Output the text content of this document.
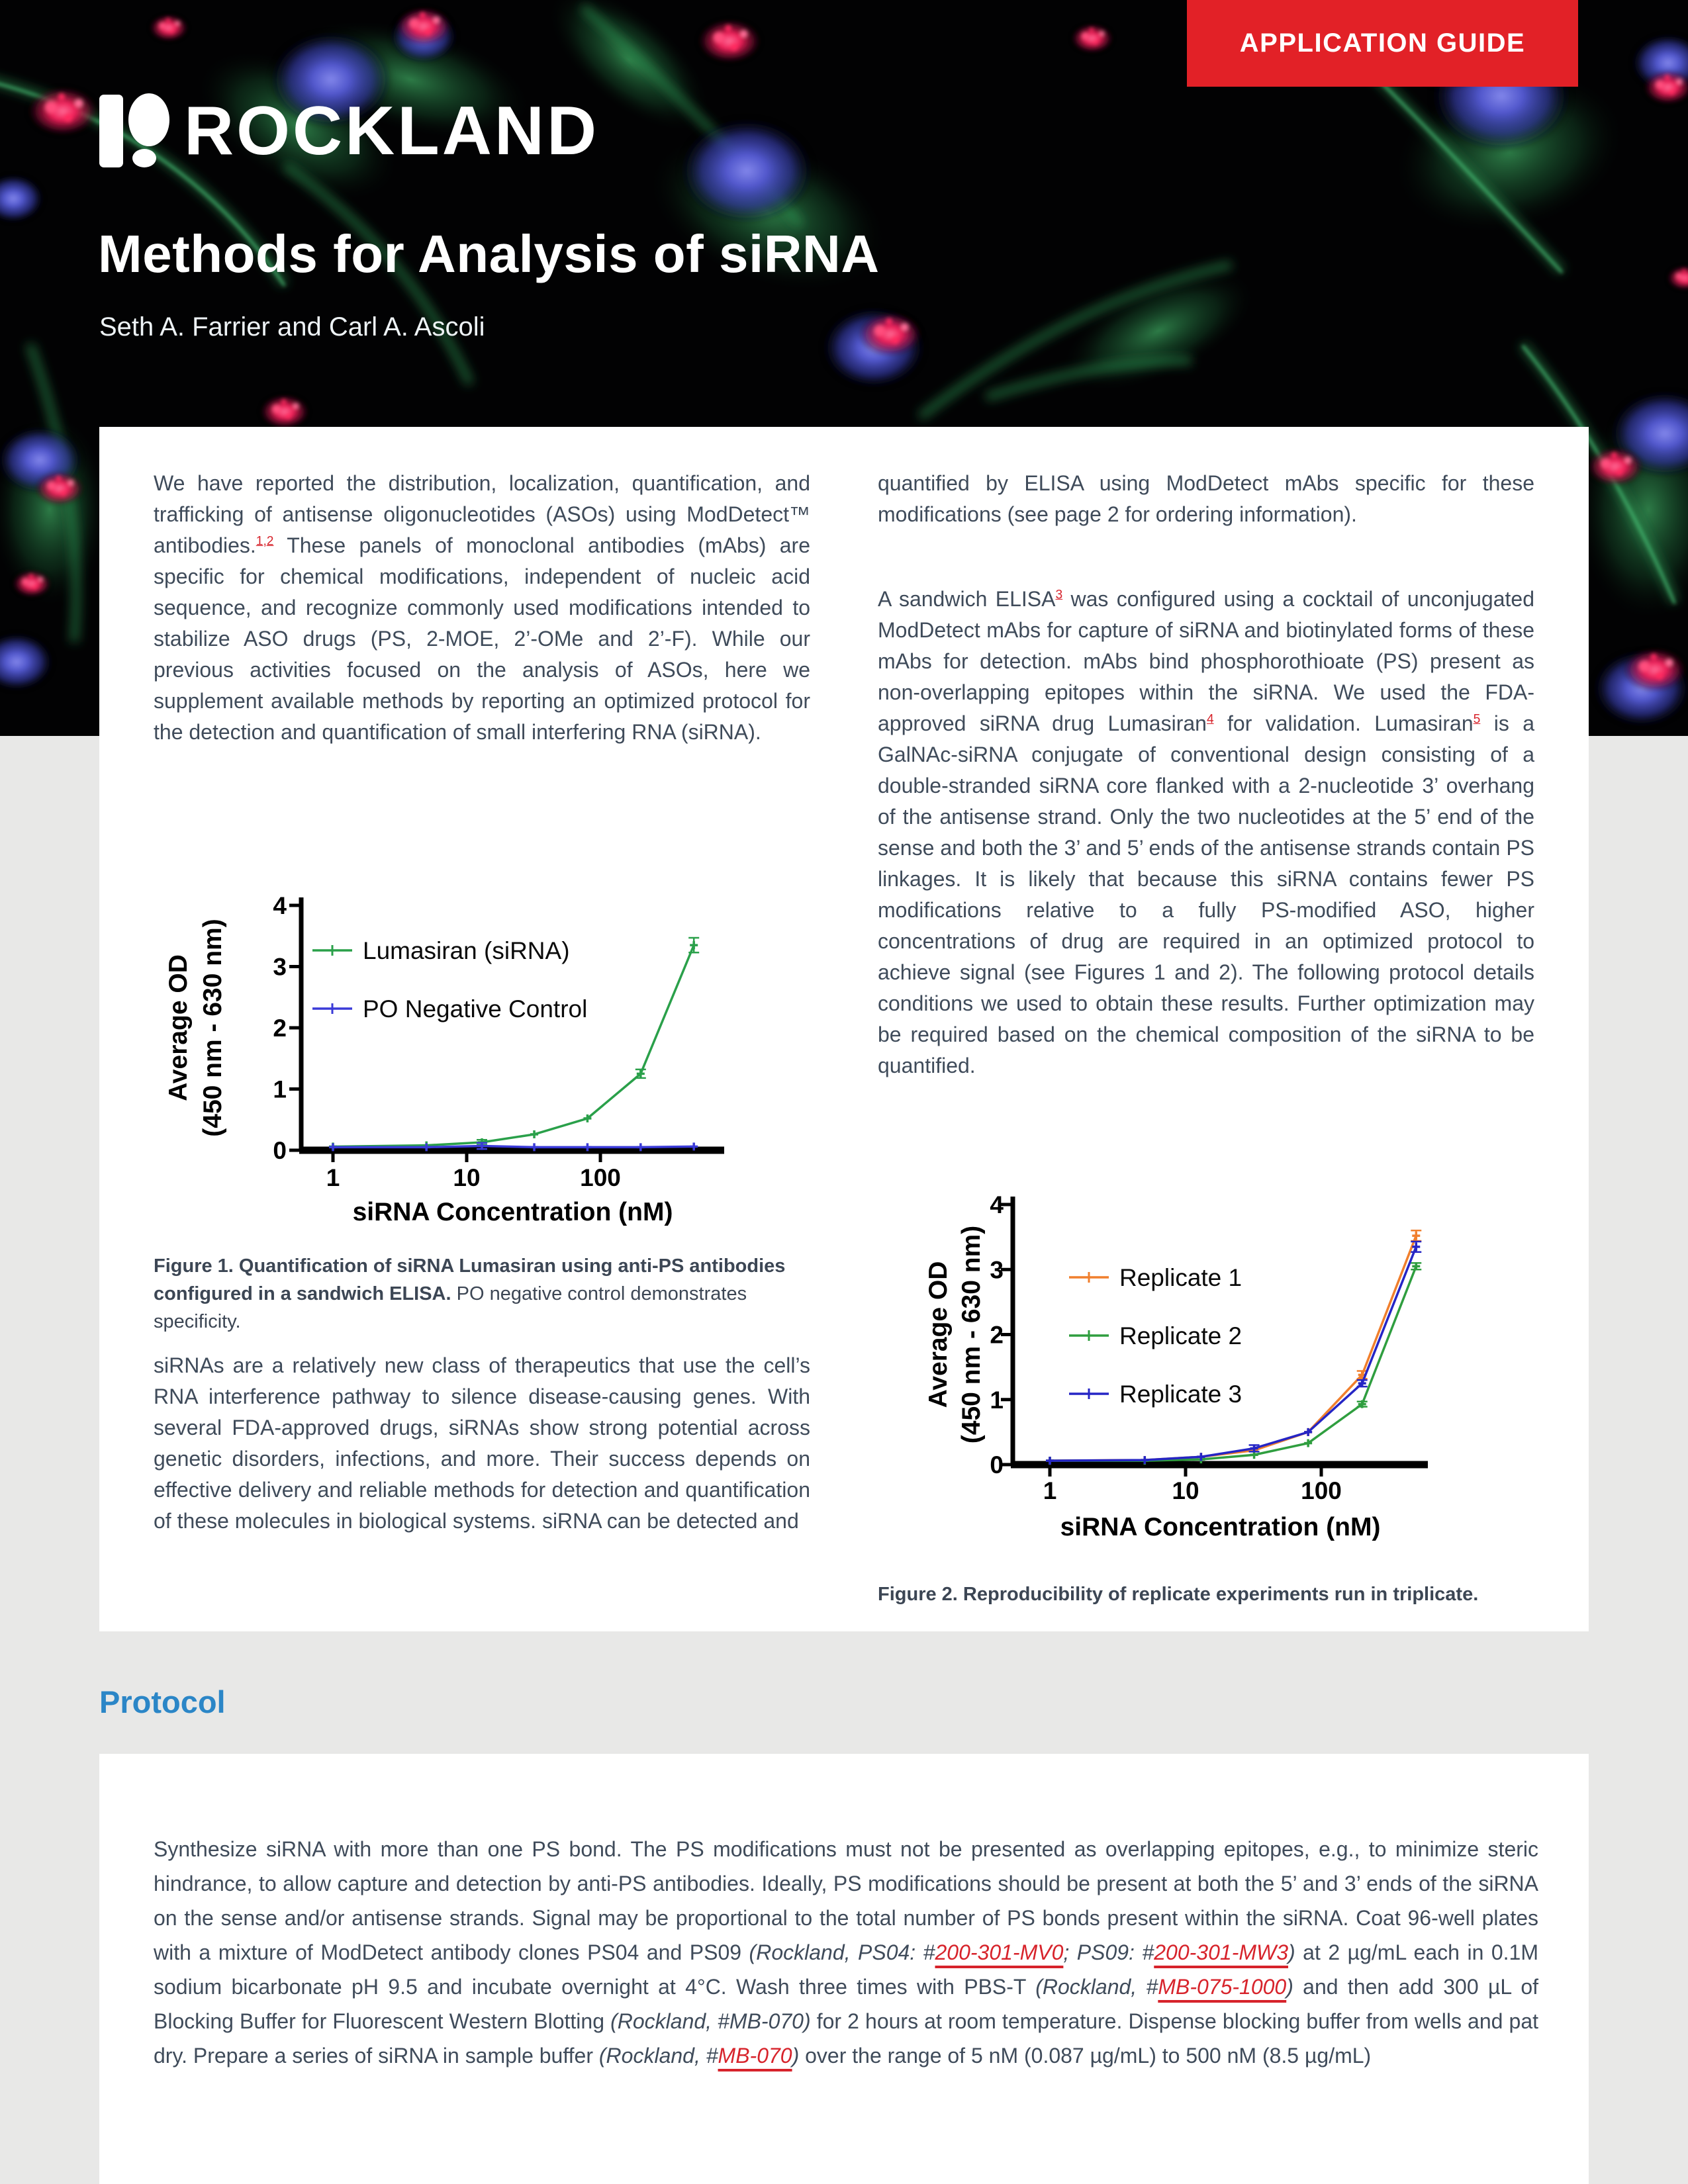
APPLICATION GUIDE
ROCKLAND
Methods for Analysis of siRNA
Seth A. Farrier and Carl A. Ascoli

We have reported the distribution, localization, quantification, and trafficking of antisense oligonucleotides (ASOs) using ModDetect™ antibodies.$^{1,2}$ These panels of monoclonal antibodies (mAbs) are specific for chemical modifications, independent of nucleic acid sequence, and recognize commonly used modifications intended to stabilize ASO drugs (PS, 2-MOE, 2’-OMe and 2’-F). While our previous activities focused on the analysis of ASOs, here we supplement available methods by reporting an optimized protocol for the detection and quantification of small interfering RNA (siRNA).

0
1
2
3
4
1	10	100
siRNA Concentration (nM)
Average OD (450 nm - 630 nm)	Lumasiran (siRNA)
PO Negative Control

Figure 1. Quantification of siRNA Lumasiran using anti-PS antibodies configured in a sandwich ELISA. PO negative control demonstrates specificity.

siRNAs are a relatively new class of therapeutics that use the cell’s RNA interference pathway to silence disease-causing genes. With several FDA-approved drugs, siRNAs show strong potential across genetic disorders, infections, and more. Their success depends on effective delivery and reliable methods for detection and quantification of these molecules in biological systems. siRNA can be detected and

quantified by ELISA using ModDetect mAbs specific for these modifications (see page 2 for ordering information).

A sandwich ELISA$^3$ was configured using a cocktail of unconjugated ModDetect mAbs for capture of siRNA and biotinylated forms of these mAbs for detection. mAbs bind phosphorothioate (PS) present as non-overlapping epitopes within the siRNA. We used the FDA-approved siRNA drug Lumasiran$^4$ for validation. Lumasiran$^5$ is a GalNAc-siRNA conjugate of conventional design consisting of a double-stranded siRNA core flanked with a 2-nucleotide 3’ overhang of the antisense strand. Only the two nucleotides at the 5’ end of the sense and both the 3’ and 5’ ends of the antisense strands contain PS linkages. It is likely that because this siRNA contains fewer PS modifications relative to a fully PS-modified ASO, higher concentrations of drug are required in an optimized protocol to achieve signal (see Figures 1 and 2). The following protocol details conditions we used to obtain these results. Further optimization may be required based on the chemical composition of the siRNA to be quantified.

0
1
2
3
4
1	10	100
siRNA Concentration (nM)
Average OD (450 nm - 630 nm)	Replicate 1
Replicate 2
Replicate 3

Figure 2. Reproducibility of replicate experiments run in triplicate.

Protocol

Synthesize siRNA with more than one PS bond. The PS modifications must not be presented as overlapping epitopes, e.g., to minimize steric hindrance, to allow capture and detection by anti-PS antibodies. Ideally, PS modifications should be present at both the 5’ and 3’ ends of the siRNA on the sense and/or antisense strands. Signal may be proportional to the total number of PS bonds present within the siRNA. Coat 96-well plates with a mixture of ModDetect antibody clones PS04 and PS09 (Rockland, PS04: #200-301-MV0; PS09: #200-301-MW3) at 2 µg/mL each in 0.1M sodium bicarbonate pH 9.5 and incubate overnight at 4°C. Wash three times with PBS-T (Rockland, #MB-075-1000) and then add 300 µL of Blocking Buffer for Fluorescent Western Blotting (Rockland, #MB-070) for 2 hours at room temperature. Dispense blocking buffer from wells and pat dry. Prepare a series of siRNA in sample buffer (Rockland, #MB-070) over the range of 5 nM (0.087 µg/mL) to 500 nM (8.5 µg/mL)
